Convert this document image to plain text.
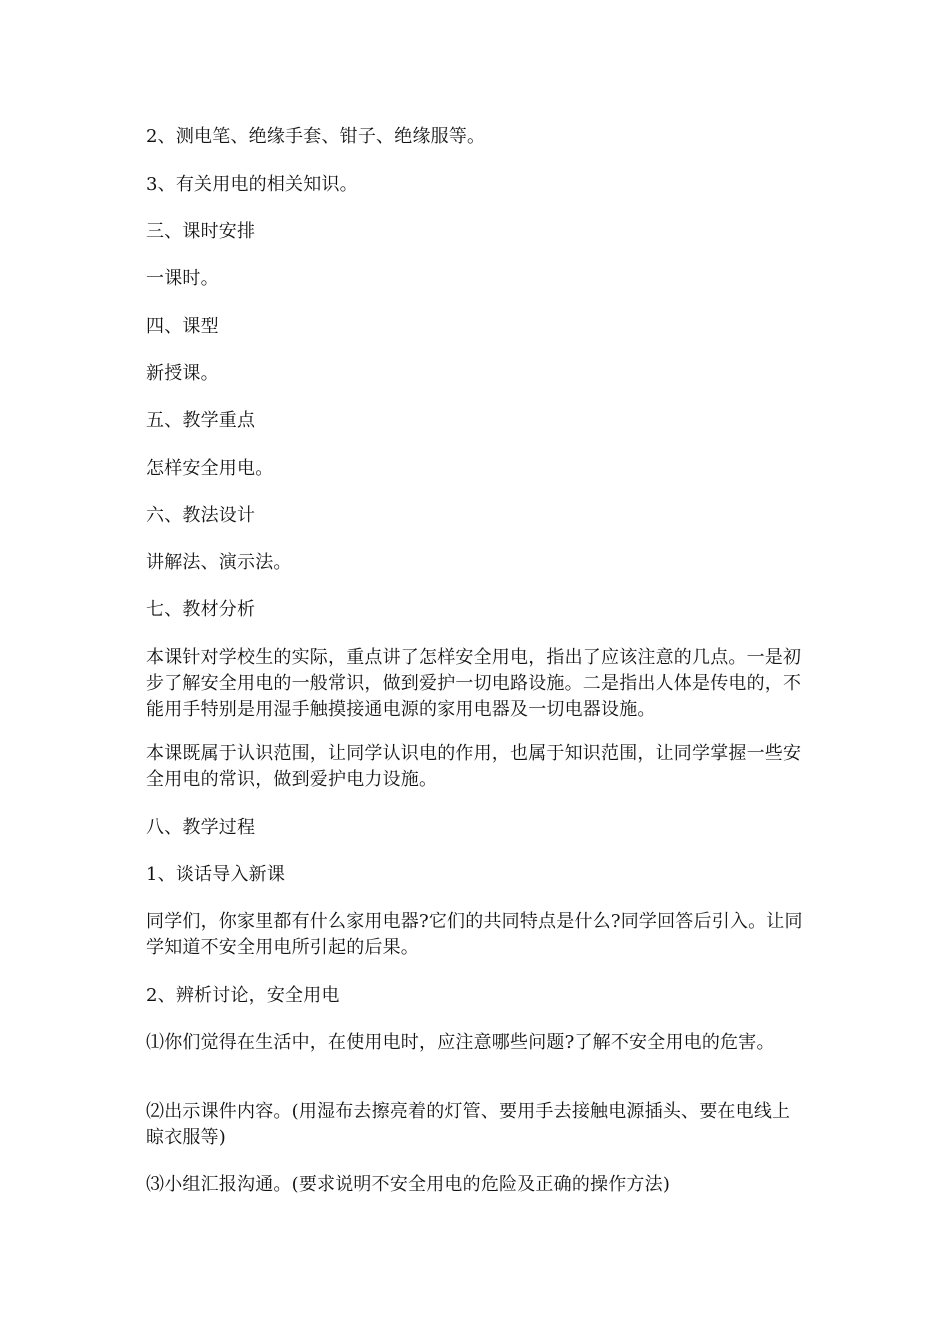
2、测电笔、绝缘手套、钳子、绝缘服等。

3、有关用电的相关知识。

三、课时安排

一课时。

四、课型

新授课。

五、教学重点

怎样安全用电。

六、教法设计

讲解法、演示法。

七、教材分析

本课针对学校生的实际，重点讲了怎样安全用电，指出了应该注意的几点。一是初步了解安全用电的一般常识，做到爱护一切电路设施。二是指出人体是传电的，不能用手特别是用湿手触摸接通电源的家用电器及一切电器设施。

本课既属于认识范围，让同学认识电的作用，也属于知识范围，让同学掌握一些安全用电的常识，做到爱护电力设施。

八、教学过程

1、谈话导入新课

同学们，你家里都有什么家用电器?它们的共同特点是什么?同学回答后引入。让同学知道不安全用电所引起的后果。

2、辨析讨论，安全用电

⑴你们觉得在生活中，在使用电时，应注意哪些问题?了解不安全用电的危害。

⑵出示课件内容。(用湿布去擦亮着的灯管、要用手去接触电源插头、要在电线上晾衣服等)

⑶小组汇报沟通。(要求说明不安全用电的危险及正确的操作方法)
